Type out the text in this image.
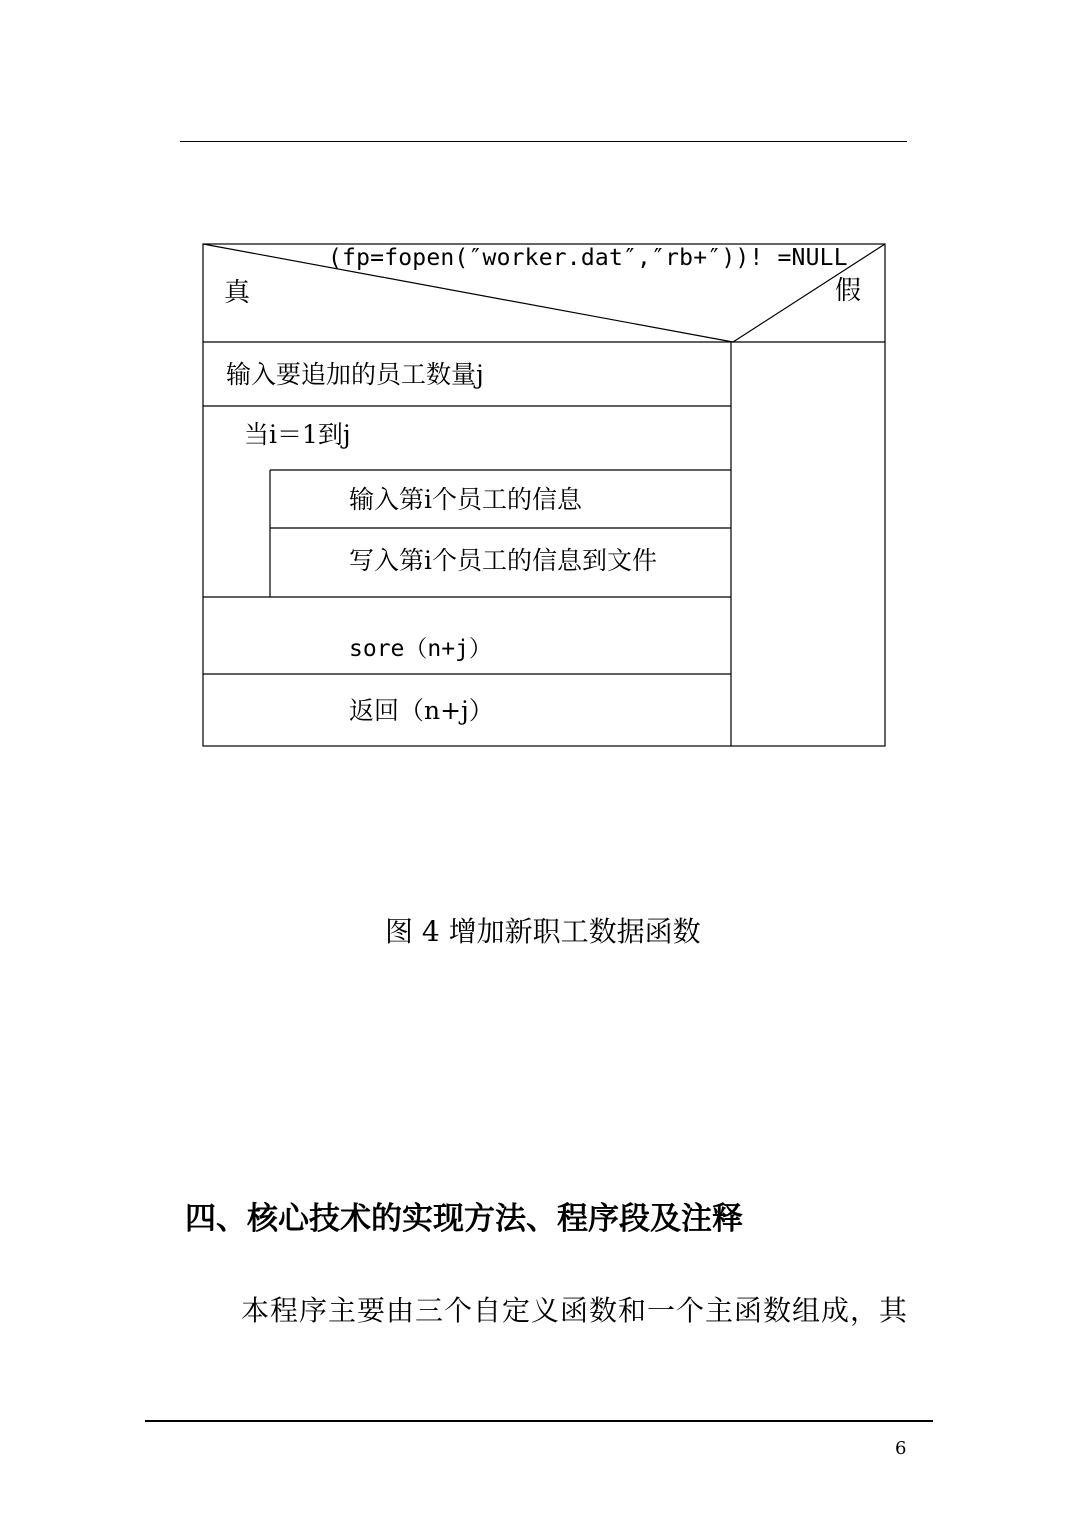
(fp=fopen(″worker.dat″,″rb+″))! =NULL
真	假
输入要追加的员工数量j
当i＝1到j
输入第i个员工的信息
写入第i个员工的信息到文件
sore（n+j）
返回（n+j）
图 4 增加新职工数据函数
四、核心技术的实现方法、程序段及注释
本程序主要由三个自定义函数和一个主函数组成，其
6
